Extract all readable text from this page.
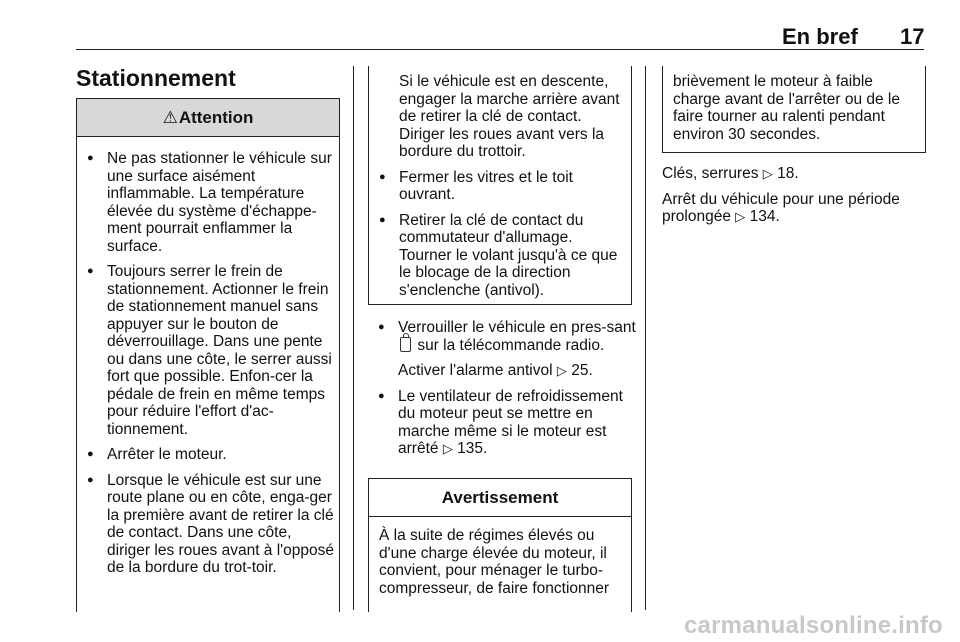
En bref 17
Stationnement
⚠ Attention
● Ne pas stationner le véhicule sur une surface aisément inflammable. La température élevée du système d'échappe-ment pourrait enflammer la surface.
● Toujours serrer le frein de stationnement. Actionner le frein de stationnement manuel sans appuyer sur le bouton de déverrouillage. Dans une pente ou dans une côte, le serrer aussi fort que possible. Enfon-cer la pédale de frein en même temps pour réduire l'effort d'ac-tionnement.
● Arrêter le moteur.
● Lorsque le véhicule est sur une route plane ou en côte, enga-ger la première avant de retirer la clé de contact. Dans une côte, diriger les roues avant à l'opposé de la bordure du trot-toir.

Si le véhicule est en descente, engager la marche arrière avant de retirer la clé de contact. Diriger les roues avant vers la bordure du trottoir.

● Fermer les vitres et le toit ouvrant.
● Retirer la clé de contact du commutateur d'allumage. Tourner le volant jusqu'à ce que le blocage de la direction s'enclenche (antivol).
● Verrouiller le véhicule en pres-sant  sur la télécommande radio.
Activer l'alarme antivol ▷ 25.
● Le ventilateur de refroidissement du moteur peut se mettre en marche même si le moteur est arrêté ▷ 135.
Avertissement

À la suite de régimes élevés ou d'une charge élevée du moteur, il convient, pour ménager le turbo-compresseur, de faire fonctionner

brièvement le moteur à faible charge avant de l'arrêter ou de le faire tourner au ralenti pendant environ 30 secondes.

Clés, serrures ▷ 18.

Arrêt du véhicule pour une période prolongée ▷ 134.

carmanualsonline.info
